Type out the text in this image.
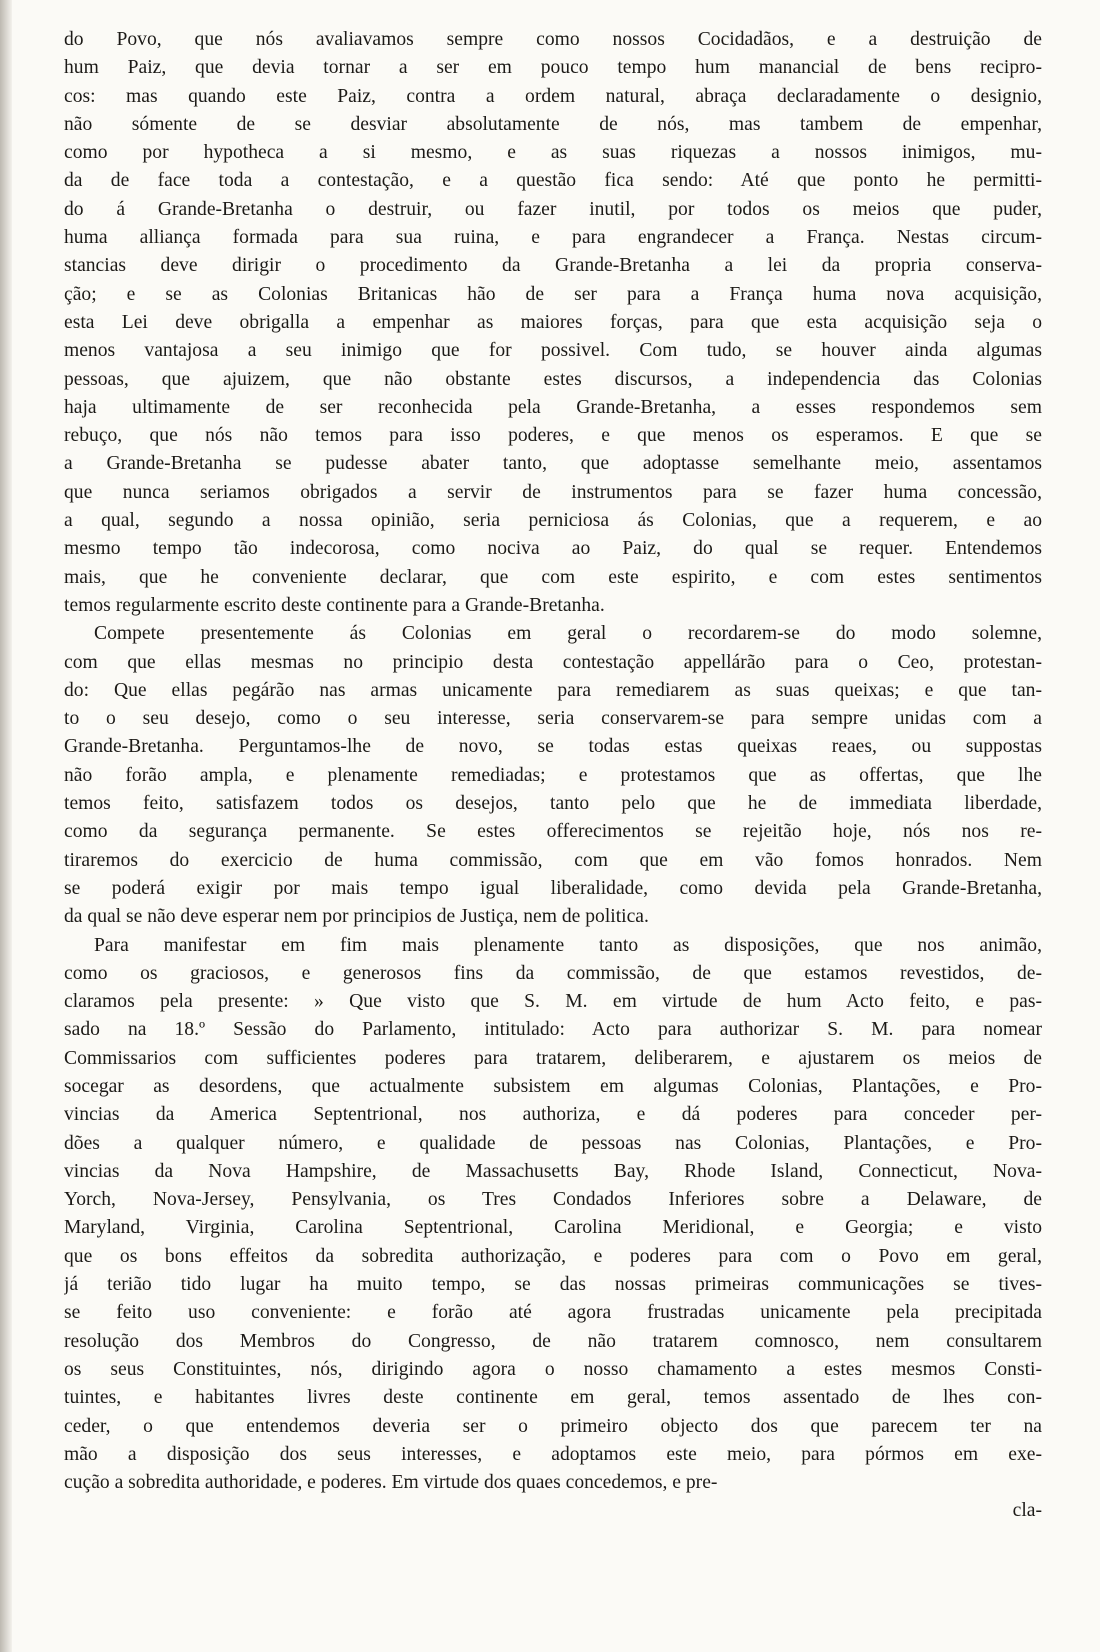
do Povo, que nós avaliavamos sempre como nossos Cocidadãos, e a destruição de
hum Paiz, que devia tornar a ser em pouco tempo hum manancial de bens recipro-
cos: mas quando este Paiz, contra a ordem natural, abraça declaradamente o designio,
não sómente de se desviar absolutamente de nós, mas tambem de empenhar,
como por hypotheca a si mesmo, e as suas riquezas a nossos inimigos, mu-
da de face toda a contestação, e a questão fica sendo: Até que ponto he permitti-
do á Grande-Bretanha o destruir, ou fazer inutil, por todos os meios que puder,
huma alliança formada para sua ruina, e para engrandecer a França. Nestas circum-
stancias deve dirigir o procedimento da Grande-Bretanha a lei da propria conserva-
ção; e se as Colonias Britanicas hão de ser para a França huma nova acquisição,
esta Lei deve obrigalla a empenhar as maiores forças, para que esta acquisição seja o
menos vantajosa a seu inimigo que for possivel. Com tudo, se houver ainda algumas
pessoas, que ajuizem, que não obstante estes discursos, a independencia das Colonias
haja ultimamente de ser reconhecida pela Grande-Bretanha, a esses respondemos sem
rebuço, que nós não temos para isso poderes, e que menos os esperamos. E que se
a Grande-Bretanha se pudesse abater tanto, que adoptasse semelhante meio, assentamos
que nunca seriamos obrigados a servir de instrumentos para se fazer huma concessão,
a qual, segundo a nossa opinião, seria perniciosa ás Colonias, que a requerem, e ao
mesmo tempo tão indecorosa, como nociva ao Paiz, do qual se requer. Entendemos
mais, que he conveniente declarar, que com este espirito, e com estes sentimentos
temos regularmente escrito deste continente para a Grande-Bretanha.
Compete presentemente ás Colonias em geral o recordarem-se do modo solemne,
com que ellas mesmas no principio desta contestação appellárão para o Ceo, protestan-
do: Que ellas pegárão nas armas unicamente para remediarem as suas queixas; e que tan-
to o seu desejo, como o seu interesse, seria conservarem-se para sempre unidas com a
Grande-Bretanha. Perguntamos-lhe de novo, se todas estas queixas reaes, ou suppostas
não forão ampla, e plenamente remediadas; e protestamos que as offertas, que lhe
temos feito, satisfazem todos os desejos, tanto pelo que he de immediata liberdade,
como da segurança permanente. Se estes offerecimentos se rejeitão hoje, nós nos re-
tiraremos do exercicio de huma commissão, com que em vão fomos honrados. Nem
se poderá exigir por mais tempo igual liberalidade, como devida pela Grande-Bretanha,
da qual se não deve esperar nem por principios de Justiça, nem de politica.
Para manifestar em fim mais plenamente tanto as disposições, que nos animão,
como os graciosos, e generosos fins da commissão, de que estamos revestidos, de-
claramos pela presente: » Que visto que S. M. em virtude de hum Acto feito, e pas-
sado na 18.º Sessão do Parlamento, intitulado: Acto para authorizar S. M. para nomear
Commissarios com sufficientes poderes para tratarem, deliberarem, e ajustarem os meios de
socegar as desordens, que actualmente subsistem em algumas Colonias, Plantações, e Pro-
vincias da America Septentrional, nos authoriza, e dá poderes para conceder per-
dões a qualquer número, e qualidade de pessoas nas Colonias, Plantações, e Pro-
vincias da Nova Hampshire, de Massachusetts Bay, Rhode Island, Connecticut, Nova-
Yorch, Nova-Jersey, Pensylvania, os Tres Condados Inferiores sobre a Delaware, de
Maryland, Virginia, Carolina Septentrional, Carolina Meridional, e Georgia; e visto
que os bons effeitos da sobredita authorização, e poderes para com o Povo em geral,
já terião tido lugar ha muito tempo, se das nossas primeiras communicações se tives-
se feito uso conveniente: e forão até agora frustradas unicamente pela precipitada
resolução dos Membros do Congresso, de não tratarem comnosco, nem consultarem
os seus Constituintes, nós, dirigindo agora o nosso chamamento a estes mesmos Consti-
tuintes, e habitantes livres deste continente em geral, temos assentado de lhes con-
ceder, o que entendemos deveria ser o primeiro objecto dos que parecem ter na
mão a disposição dos seus interesses, e adoptamos este meio, para pórmos em exe-
cução a sobredita authoridade, e poderes. Em virtude dos quaes concedemos, e pre-
cla-
